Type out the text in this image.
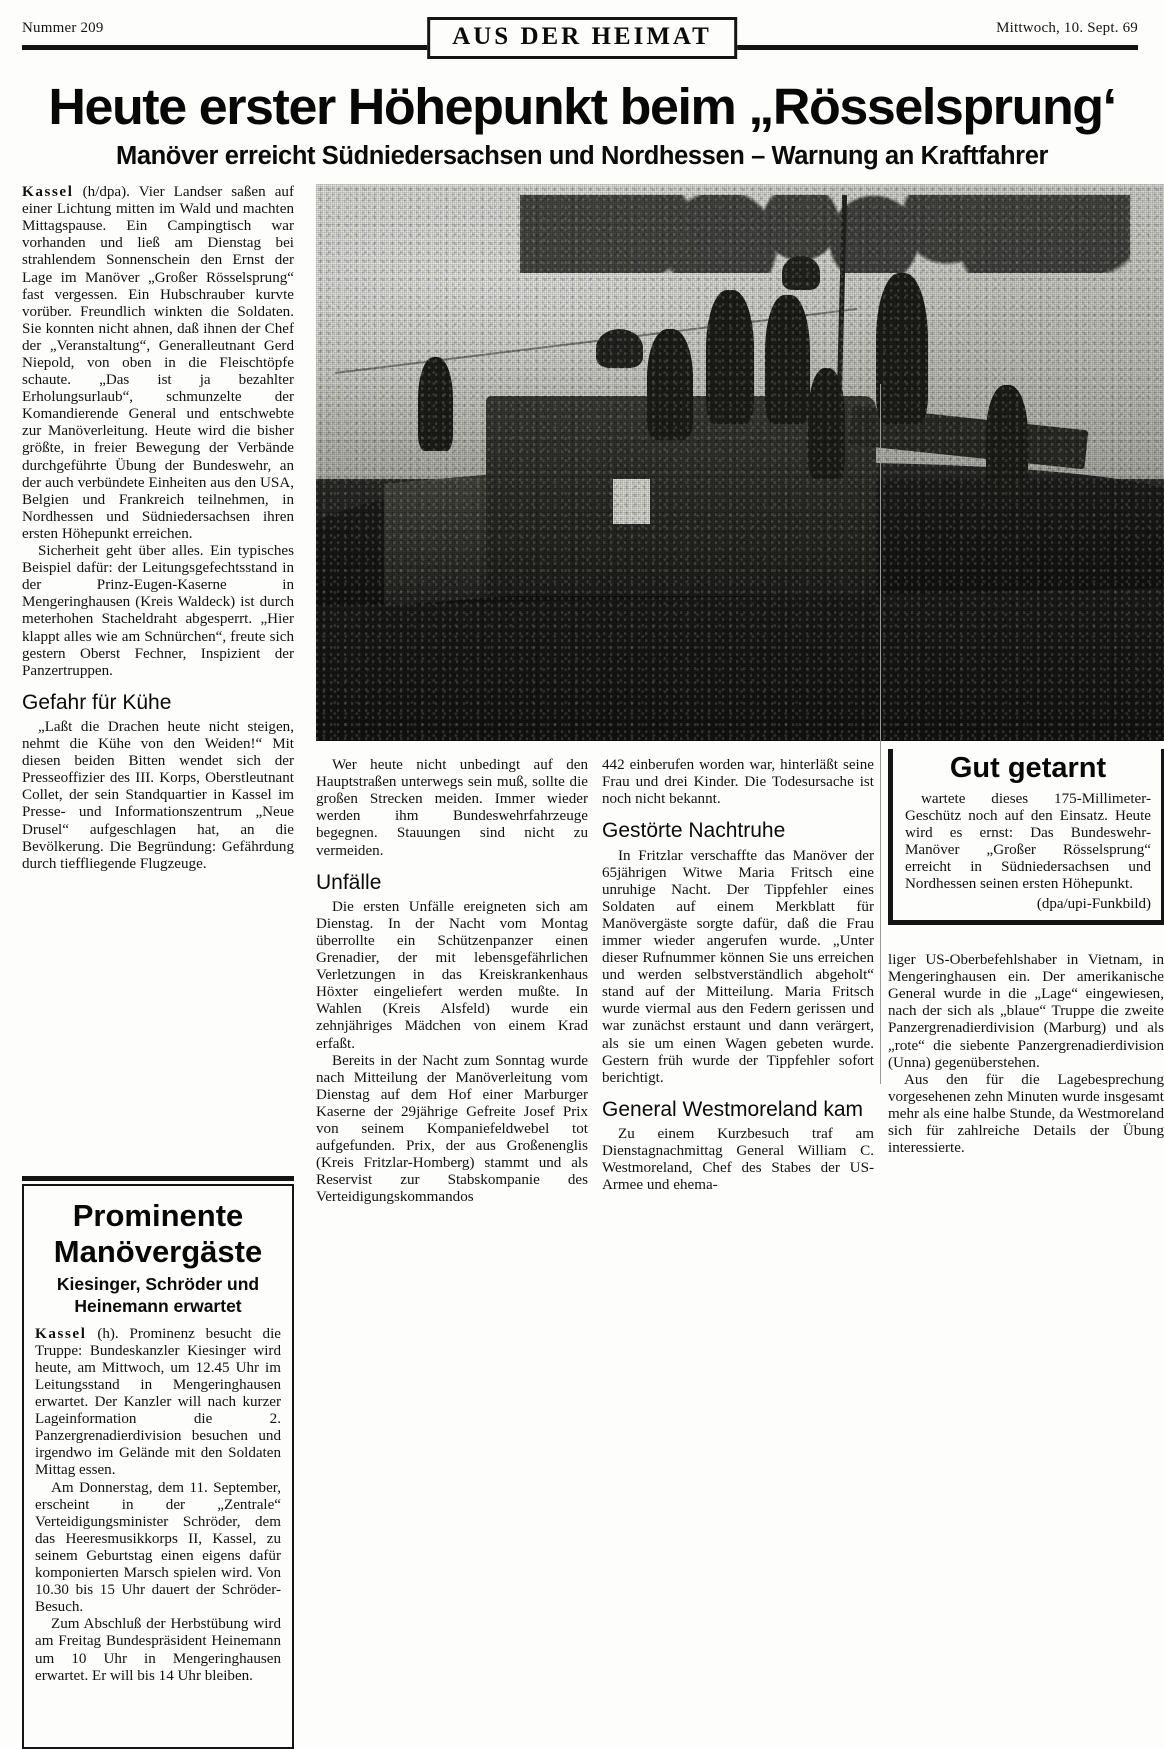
Nummer 209	AUS DER HEIMAT	Mittwoch, 10. Sept. 69
Heute erster Höhepunkt beim „Rösselsprung‘
Manöver erreicht Südniedersachsen und Nordhessen – Warnung an Kraftfahrer

Kassel (h/dpa). Vier Landser saßen auf einer Lichtung mitten im Wald und machten Mittagspause. Ein Campingtisch war vorhanden und ließ am Dienstag bei strahlendem Sonnenschein den Ernst der Lage im Manöver „Großer Rösselsprung“ fast vergessen. Ein Hubschrauber kurvte vorüber. Freundlich winkten die Soldaten. Sie konnten nicht ahnen, daß ihnen der Chef der „Veranstaltung“, Generalleutnant Gerd Niepold, von oben in die Fleischtöpfe schaute. „Das ist ja bezahlter Erholungsurlaub“, schmunzelte der Komandierende General und entschwebte zur Manöverleitung. Heute wird die bisher größte, in freier Bewegung der Verbände durchgeführte Übung der Bundeswehr, an der auch verbündete Einheiten aus den USA, Belgien und Frankreich teilnehmen, in Nordhessen und Südniedersachsen ihren ersten Höhepunkt erreichen.

Sicherheit geht über alles. Ein typisches Beispiel dafür: der Leitungsgefechtsstand in der Prinz-Eugen-Kaserne in Mengeringhausen (Kreis Waldeck) ist durch meterhohen Stacheldraht abgesperrt. „Hier klappt alles wie am Schnürchen“, freute sich gestern Oberst Fechner, Inspizient der Panzertruppen.

Gefahr für Kühe

„Laßt die Drachen heute nicht steigen, nehmt die Kühe von den Weiden!“ Mit diesen beiden Bitten wendet sich der Presseoffizier des III. Korps, Oberstleutnant Collet, der sein Standquartier in Kassel im Presse- und Informationszentrum „Neue Drusel“ aufgeschlagen hat, an die Bevölkerung. Die Begründung: Gefährdung durch tieffliegende Flugzeuge.

Prominente Manövergäste
Kiesinger, Schröder und Heinemann erwartet

Kassel (h). Prominenz besucht die Truppe: Bundeskanzler Kiesinger wird heute, am Mittwoch, um 12.45 Uhr im Leitungsstand in Mengeringhausen erwartet. Der Kanzler will nach kurzer Lageinformation die 2. Panzergrenadierdivision besuchen und irgendwo im Gelände mit den Soldaten Mittag essen.

Am Donnerstag, dem 11. September, erscheint in der „Zentrale“ Verteidigungsminister Schröder, dem das Heeresmusikkorps II, Kassel, zu seinem Geburtstag einen eigens dafür komponierten Marsch spielen wird. Von 10.30 bis 15 Uhr dauert der Schröder-Besuch.

Zum Abschluß der Herbstübung wird am Freitag Bundespräsident Heinemann um 10 Uhr in Mengeringhausen erwartet. Er will bis 14 Uhr bleiben.

Wer heute nicht unbedingt auf den Hauptstraßen unterwegs sein muß, sollte die großen Strecken meiden. Immer wieder werden ihm Bundeswehrfahrzeuge begegnen. Stauungen sind nicht zu vermeiden.

Unfälle

Die ersten Unfälle ereigneten sich am Dienstag. In der Nacht vom Montag überrollte ein Schützenpanzer einen Grenadier, der mit lebensgefährlichen Verletzungen in das Kreiskrankenhaus Höxter eingeliefert werden mußte. In Wahlen (Kreis Alsfeld) wurde ein zehnjähriges Mädchen von einem Krad erfaßt.

Bereits in der Nacht zum Sonntag wurde nach Mitteilung der Manöverleitung vom Dienstag auf dem Hof einer Marburger Kaserne der 29jährige Gefreite Josef Prix von seinem Kompaniefeldwebel tot aufgefunden. Prix, der aus Großenenglis (Kreis Fritzlar-Homberg) stammt und als Reservist zur Stabskompanie des Verteidigungskommandos

442 einberufen worden war, hinterläßt seine Frau und drei Kinder. Die Todesursache ist noch nicht bekannt.

Gestörte Nachtruhe

In Fritzlar verschaffte das Manöver der 65jährigen Witwe Maria Fritsch eine unruhige Nacht. Der Tippfehler eines Soldaten auf einem Merkblatt für Manövergäste sorgte dafür, daß die Frau immer wieder angerufen wurde. „Unter dieser Rufnummer können Sie uns erreichen und werden selbstverständlich abgeholt“ stand auf der Mitteilung. Maria Fritsch wurde viermal aus den Federn gerissen und war zunächst erstaunt und dann verärgert, als sie um einen Wagen gebeten wurde. Gestern früh wurde der Tippfehler sofort berichtigt.

General Westmoreland kam

Zu einem Kurzbesuch traf am Dienstagnachmittag General William C. Westmoreland, Chef des Stabes der US-Armee und ehema-

Gut getarnt

wartete dieses 175-Millimeter-Geschütz noch auf den Einsatz. Heute wird es ernst: Das Bundeswehr-Manöver „Großer Rösselsprung“ erreicht in Südniedersachsen und Nordhessen seinen ersten Höhepunkt.

(dpa/upi-Funkbild)

liger US-Oberbefehlshaber in Vietnam, in Mengeringhausen ein. Der amerikanische General wurde in die „Lage“ eingewiesen, nach der sich als „blaue“ Truppe die zweite Panzergrenadierdivision (Marburg) und als „rote“ die siebente Panzergrenadierdivision (Unna) gegenüberstehen.

Aus den für die Lagebesprechung vorgesehenen zehn Minuten wurde insgesamt mehr als eine halbe Stunde, da Westmoreland sich für zahlreiche Details der Übung interessierte.
